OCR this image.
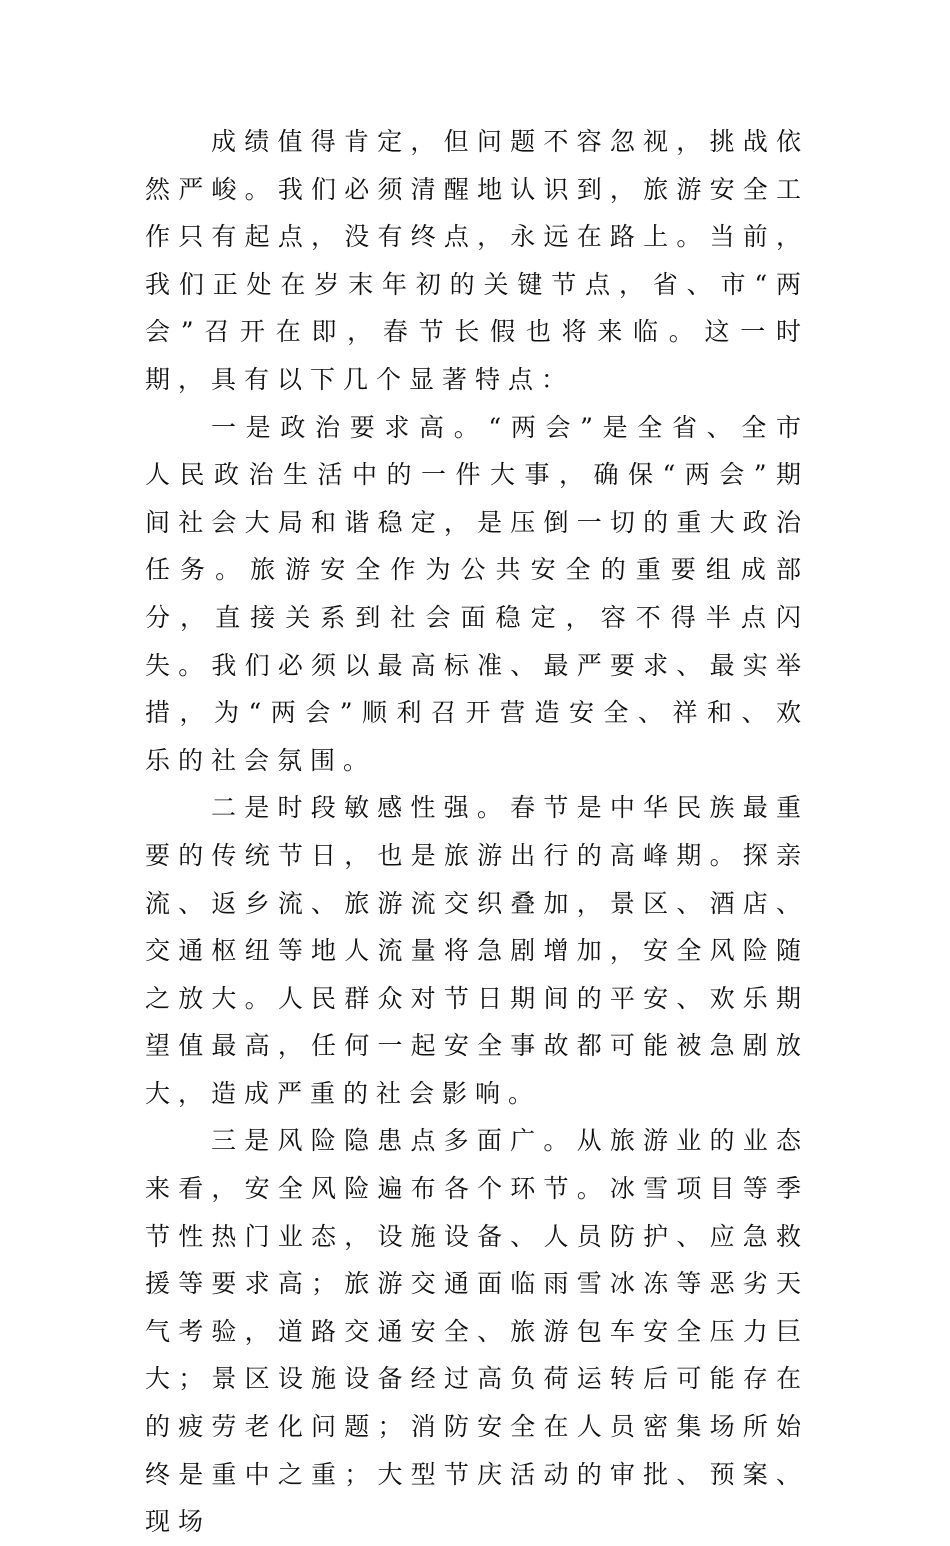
成绩值得肯定，但问题不容忽视，挑战依然严峻。我们必须清醒地认识到，旅游安全工作只有起点，没有终点，永远在路上。当前，我们正处在岁末年初的关键节点，省、市“两会”召开在即，春节长假也将来临。这一时期，具有以下几个显著特点：

一是政治要求高。“两会”是全省、全市人民政治生活中的一件大事，确保“两会”期间社会大局和谐稳定，是压倒一切的重大政治任务。旅游安全作为公共安全的重要组成部分，直接关系到社会面稳定，容不得半点闪失。我们必须以最高标准、最严要求、最实举措，为“两会”顺利召开营造安全、祥和、欢乐的社会氛围。

二是时段敏感性强。春节是中华民族最重要的传统节日，也是旅游出行的高峰期。探亲流、返乡流、旅游流交织叠加，景区、酒店、交通枢纽等地人流量将急剧增加，安全风险随之放大。人民群众对节日期间的平安、欢乐期望值最高，任何一起安全事故都可能被急剧放大，造成严重的社会影响。

三是风险隐患点多面广。从旅游业的业态来看，安全风险遍布各个环节。冰雪项目等季节性热门业态，设施设备、人员防护、应急救援等要求高；旅游交通面临雨雪冰冻等恶劣天气考验，道路交通安全、旅游包车安全压力巨大；景区设施设备经过高负荷运转后可能存在的疲劳老化问题；消防安全在人员密集场所始终是重中之重；大型节庆活动的审批、预案、现场
